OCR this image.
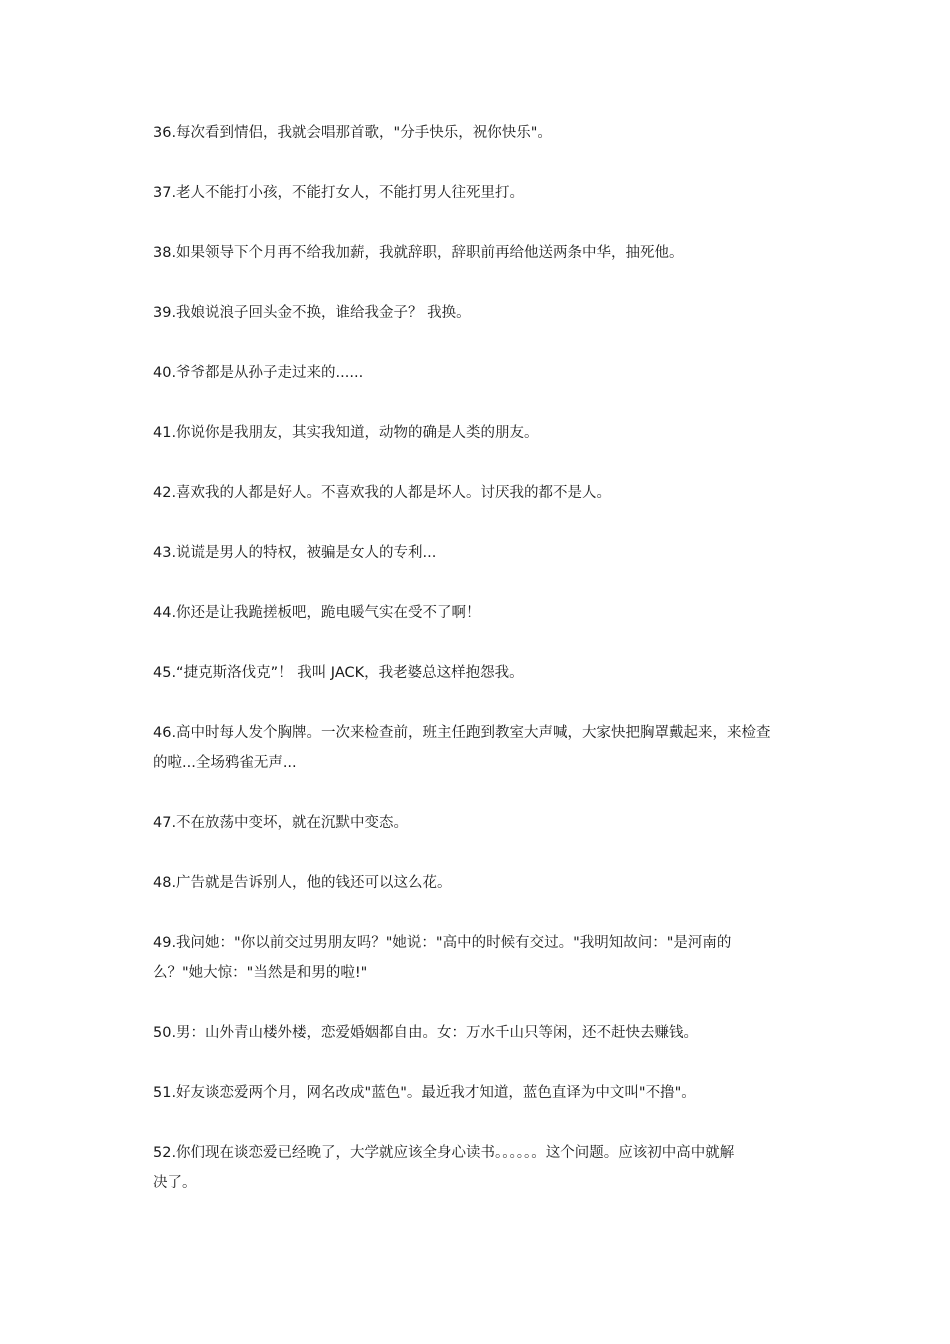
36.每次看到情侣，我就会唱那首歌，"分手快乐，祝你快乐"。
37.老人不能打小孩，不能打女人，不能打男人往死里打。
38.如果领导下个月再不给我加薪，我就辞职，辞职前再给他送两条中华，抽死他。
39.我娘说浪子回头金不换，谁给我金子？ 我换。
40.爷爷都是从孙子走过来的......
41.你说你是我朋友，其实我知道，动物的确是人类的朋友。
42.喜欢我的人都是好人。不喜欢我的人都是坏人。讨厌我的都不是人。
43.说谎是男人的特权，被骗是女人的专利...
44.你还是让我跪搓板吧，跪电暖气实在受不了啊！
45.“捷克斯洛伐克”！ 我叫 JACK，我老婆总这样抱怨我。
46.高中时每人发个胸牌。一次来检查前，班主任跑到教室大声喊，大家快把胸罩戴起来，来检查
的啦...全场鸦雀无声...
47.不在放荡中变坏，就在沉默中变态。
48.广告就是告诉别人，他的钱还可以这么花。
49.我问她："你以前交过男朋友吗？"她说："高中的时候有交过。"我明知故问："是河南的
么？"她大惊："当然是和男的啦!"
50.男：山外青山楼外楼，恋爱婚姻都自由。女：万水千山只等闲，还不赶快去赚钱。
51.好友谈恋爱两个月，网名改成"蓝色"。最近我才知道，蓝色直译为中文叫"不撸"。
52.你们现在谈恋爱已经晚了，大学就应该全身心读书。。。。。。这个问题。应该初中高中就解
决了。
